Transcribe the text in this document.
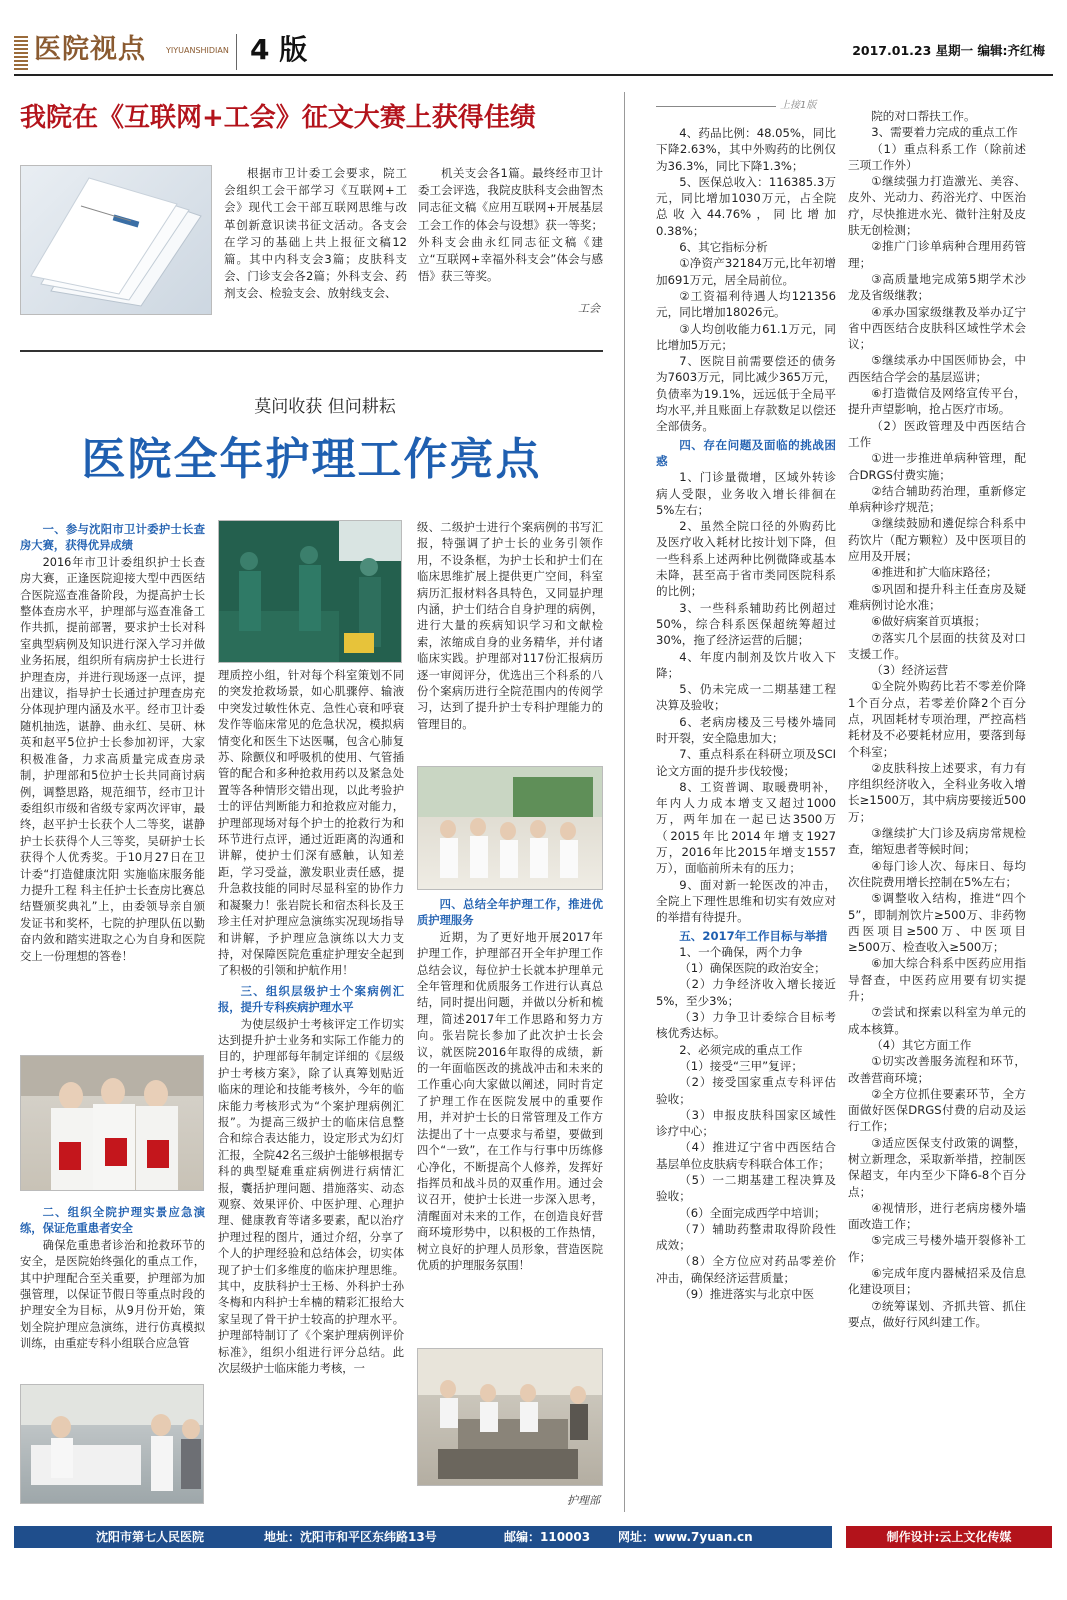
医院视点	YIYUANSHIDIAN 4 版	2017.01.23 星期一 编辑:齐红梅
我院在《互联网+工会》征文大赛上获得佳绩
根据市卫计委工会要求，院工会组织工会干部学习《互联网+工会》现代工会干部互联网思维与改革创新意识读书征文活动。各支会在学习的基础上共上报征文稿12篇。其中内科支会3篇；皮肤科支会、门诊支会各2篇；外科支会、药剂支会、检验支会、放射线支会、
机关支会各1篇。最终经市卫计委工会评选，我院皮肤科支会曲智杰同志征文稿《应用互联网+开展基层工会工作的体会与设想》获一等奖；外科支会曲永红同志征文稿《建立“互联网+幸福外科支会”体会与感悟》获三等奖。
工会
莫问收获 但问耕耘
医院全年护理工作亮点
一、参与沈阳市卫计委护士长查房大赛，获得优异成绩
2016年市卫计委组织护士长查房大赛，正逢医院迎接大型中西医结合医院巡查准备阶段，为提高护士长整体查房水平，护理部与巡查准备工作共抓，提前部署，要求护士长对科室典型病例及知识进行深入学习并做业务拓展，组织所有病房护士长进行护理查房，并进行现场逐一点评，提出建议，指导护士长通过护理查房充分体现护理内涵及水平。经市卫计委随机抽选，谌静、曲永红、吴研、林英和赵平5位护士长参加初评，大家积极准备，力求高质量完成查房录制，护理部和5位护士长共同商讨病例，调整思路，规范细节，经市卫计委组织市级和省级专家两次评审，最终，赵平护士长获个人二等奖，谌静护士长获得个人三等奖，吴研护士长获得个人优秀奖。于10月27日在卫计委“打造健康沈阳 实施临床服务能力提升工程 科主任护士长查房比赛总结暨颁奖典礼”上，由委领导亲自颁发证书和奖杯，七院的护理队伍以勤奋内敛和踏实进取之心为自身和医院交上一份理想的答卷！
二、组织全院护理实景应急演练，保证危重患者安全
确保危重患者诊治和抢救环节的安全，是医院始终强化的重点工作，其中护理配合至关重要，护理部为加强管理，以保证节假日等重点时段的护理安全为目标，从9月份开始，策划全院护理应急演练，进行仿真模拟训练，由重症专科小组联合应急管
理质控小组，针对每个科室策划不同的突发抢救场景，如心肌骤停、输液中突发过敏性休克、急性心衰和呼衰发作等临床常见的危急状况，模拟病情变化和医生下达医嘱，包含心肺复苏、除颤仪和呼吸机的使用、气管插管的配合和多种抢救用药以及紧急处置等各种情形交错出现，以此考验护士的评估判断能力和抢救应对能力，护理部现场对每个护士的抢救行为和环节进行点评，通过近距离的沟通和讲解，使护士们深有感触，认知差距，学习受益，激发职业责任感，提升急救技能的同时尽显科室的协作力和凝聚力！张岩院长和宿杰科长及王珍主任对护理应急演练实况现场指导和讲解，予护理应急演练以大力支持，对保障医院危重症护理安全起到了积极的引领和护航作用！
三、组织层级护士个案病例汇报，提升专科疾病护理水平
为使层级护士考核评定工作切实达到提升护士业务和实际工作能力的目的，护理部每年制定详细的《层级护士考核方案》，除了认真筹划贴近临床的理论和技能考核外，今年的临床能力考核形式为“个案护理病例汇报”。为提高三级护士的临床信息整合和综合表达能力，设定形式为幻灯汇报，全院42名三级护士能够根据专科的典型疑难重症病例进行病情汇报，囊括护理问题、措施落实、动态观察、效果评价、中医护理、心理护理、健康教育等诸多要素，配以治疗护理过程的图片，通过介绍，分享了个人的护理经验和总结体会，切实体现了护士们多维度的临床护理思维。其中，皮肤科护士王杨、外科护士孙冬梅和内科护士牟楠的精彩汇报给大家呈现了骨干护士较高的护理水平。护理部特制订了《个案护理病例评价标准》，组织小组进行评分总结。此次层级护士临床能力考核，一
级、二级护士进行个案病例的书写汇报，特强调了护士长的业务引领作用，不设条框，为护士长和护士们在临床思维扩展上提供更广空间，科室病历汇报材料各具特色，又同显护理内涵，护士们结合自身护理的病例，进行大量的疾病知识学习和文献检索，浓缩成自身的业务精华，并付诸临床实践。护理部对117份汇报病历逐一审阅评分，优选出三个科系的八份个案病历进行全院范围内的传阅学习，达到了提升护士专科护理能力的管理目的。
四、总结全年护理工作，推进优质护理服务
近期，为了更好地开展2017年护理工作，护理部召开全年护理工作总结会议，每位护士长就本护理单元全年管理和优质服务工作进行认真总结，同时提出问题，并做以分析和梳理，简述2017年工作思路和努力方向。张岩院长参加了此次护士长会议，就医院2016年取得的成绩，新的一年面临医改的挑战冲击和未来的工作重心向大家做以阐述，同时肯定了护理工作在医院发展中的重要作用，并对护士长的日常管理及工作方法提出了十一点要求与希望，要做到四个“一致”，在工作与行事中历练修心净化，不断提高个人修养，发挥好指挥员和战斗员的双重作用。通过会议召开，使护士长进一步深入思考，清醒面对未来的工作，在创造良好营商环境形势中，以积极的工作热情，树立良好的护理人员形象，营造医院优质的护理服务氛围！
护理部
上接1版
4、药品比例：48.05%，同比下降2.63%，其中外购药的比例仅为36.3%，同比下降1.3%；
5、医保总收入：116385.3万元，同比增加1030万元，占全院总收入44.76%，同比增加0.38%；
6、其它指标分析
①净资产32184万元,比年初增加691万元，居全局前位。
②工资福利待遇人均121356元，同比增加18026元。
③人均创收能力61.1万元，同比增加5万元；
7、医院目前需要偿还的债务为7603万元，同比减少365万元，负债率为19.1%，远远低于全局平均水平,并且账面上存款数足以偿还全部债务。
四、存在问题及面临的挑战困惑
1、门诊量微增，区域外转诊病人受限，业务收入增长徘徊在5%左右；
2、虽然全院口径的外购药比及医疗收入耗材比按计划下降，但一些科系上述两种比例微降或基本未降，甚至高于省市类同医院科系的比例；
3、一些科系辅助药比例超过50%，综合科系医保超统筹超过30%，拖了经济运营的后腿；
4、年度内制剂及饮片收入下降；
5、仍未完成一二期基建工程决算及验收；
6、老病房楼及三号楼外墙同时开裂，安全隐患加大；
7、重点科系在科研立项及SCI论文方面的提升步伐较慢；
8、工资普调、取暖费明补，年内人力成本增支又超过1000万，两年加在一起已达3500万（2015年比2014年增支1927万，2016年比2015年增支1557万），面临前所未有的压力；
9、面对新一轮医改的冲击，全院上下理性思维和切实有效应对的举措有待提升。
五、2017年工作目标与举措
1、一个确保，两个力争
（1）确保医院的政治安全；
（2）力争经济收入增长接近5%，至少3%；
（3）力争卫计委综合目标考核优秀达标。
2、必须完成的重点工作
（1）接受“三甲”复评；
（2）接受国家重点专科评估验收；
（3）申报皮肤科国家区域性诊疗中心；
（4）推进辽宁省中西医结合基层单位皮肤病专科联合体工作；
（5）一二期基建工程决算及验收；
（6）全面完成西学中培训；
（7）辅助药整肃取得阶段性成效；
（8）全方位应对药品零差价冲击，确保经济运营质量；
（9）推进落实与北京中医
院的对口帮扶工作。
3、需要着力完成的重点工作
（1）重点科系工作（除前述三项工作外）
①继续强力打造激光、美容、皮外、光动力、药浴光疗、中医治疗，尽快推进水光、微针注射及皮肤无创检测；
②推广门诊单病种合理用药管理；
③高质量地完成第5期学术沙龙及省级继教；
④承办国家级继教及举办辽宁省中西医结合皮肤科区域性学术会议；
⑤继续承办中国医师协会，中西医结合学会的基层巡讲；
⑥打造微信及网络宣传平台，提升声望影响，抢占医疗市场。
（2）医政管理及中西医结合工作
①进一步推进单病种管理，配合DRGS付费实施；
②结合辅助药治理，重新修定单病种诊疗规范；
③继续鼓励和遴促综合科系中药饮片（配方颗粒）及中医项目的应用及开展；
④推进和扩大临床路径；
⑤巩固和提升科主任查房及疑难病例讨论水准；
⑥做好病案首页填报；
⑦落实几个层面的扶贫及对口支援工作。
（3）经济运营
①全院外购药比若不零差价降1个百分点，若零差价降2个百分点，巩固耗材专项治理，严控高档耗材及不必要耗材应用，要落到每个科室；
②皮肤科按上述要求，有力有序组织经济收入，全科业务收入增长≥1500万，其中病房要接近500万；
③继续扩大门诊及病房常规检查，缩短患者等候时间；
④每门诊人次、每床日、每均次住院费用增长控制在5%左右；
⑤调整收入结构，推进“四个5”，即制剂饮片≥500万、非药物西医项目≥500万、中医项目≥500万、检查收入≥500万；
⑥加大综合科系中医药应用指导督查，中医药应用要有切实提升；
⑦尝试和探索以科室为单元的成本核算。
（4）其它方面工作
①切实改善服务流程和环节，改善营商环境；
②全方位抓住要素环节，全方面做好医保DRGS付费的启动及运行工作；
③适应医保支付政策的调整，树立新理念，采取新举措，控制医保超支，年内至少下降6-8个百分点；
④视情形，进行老病房楼外墙面改造工作；
⑤完成三号楼外墙开裂修补工作；
⑥完成年度内器械招采及信息化建设项目；
⑦统筹谋划、齐抓共管、抓住要点，做好行风纠建工作。
沈阳市第七人民医院	地址：沈阳市和平区东纬路13号	邮编：110003 网址：www.7yuan.cn	制作设计:云上文化传媒
